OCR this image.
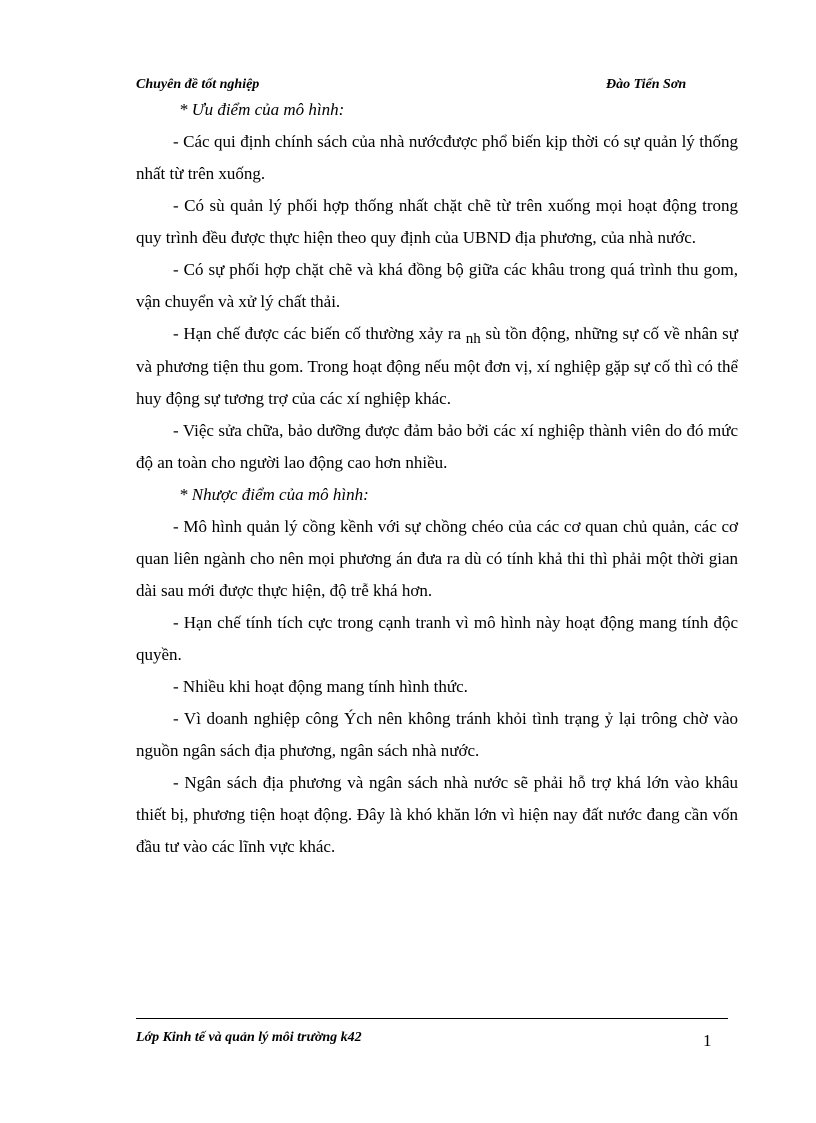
Chuyên đề tốt nghiệp	Đào Tiến Sơn

* Ưu điểm của mô hình:

- Các qui định chính sách của nhà nướcđược phổ biến kịp thời có sự quản lý thống nhất từ trên xuống.

- Có sù quản lý phối hợp thống nhất chặt chẽ từ trên xuống mọi hoạt động trong quy trình đều được thực hiện theo quy định của UBND địa phương, của nhà nước.

- Có sự phối hợp chặt chẽ và khá đồng bộ giữa các khâu trong quá trình thu gom, vận chuyển và xử lý chất thải.

- Hạn chế được các biến cố thường xảy ra nh sù tồn động, những sự cố về nhân sự và phương tiện thu gom. Trong hoạt động nếu một đơn vị, xí nghiệp gặp sự cố thì có thể huy động sự tương trợ của các xí nghiệp khác.

- Việc sửa chữa, bảo dưỡng được đảm bảo bởi các xí nghiệp thành viên do đó mức độ an toàn cho người lao động cao hơn nhiều.

* Nhược điểm của mô hình:

- Mô hình quản lý cồng kềnh với sự chồng chéo của các cơ quan chủ quản, các cơ quan liên ngành cho nên mọi phương án đưa ra dù có tính khả thi thì phải một thời gian dài sau mới được thực hiện, độ trễ khá hơn.

- Hạn chế tính tích cực trong cạnh tranh vì mô hình này hoạt động mang tính độc quyền.

- Nhiều khi hoạt động mang tính hình thức.

- Vì doanh nghiệp công Ých nên không tránh khỏi tình trạng ỷ lại trông chờ vào nguồn ngân sách địa phương, ngân sách nhà nước.

- Ngân sách địa phương và ngân sách nhà nước sẽ phải hỗ trợ khá lớn vào khâu thiết bị, phương tiện hoạt động. Đây là khó khăn lớn vì hiện nay đất nước đang cần vốn đầu tư vào các lĩnh vực khác.

Lớp Kinh tế và quản lý môi trường k42	1
